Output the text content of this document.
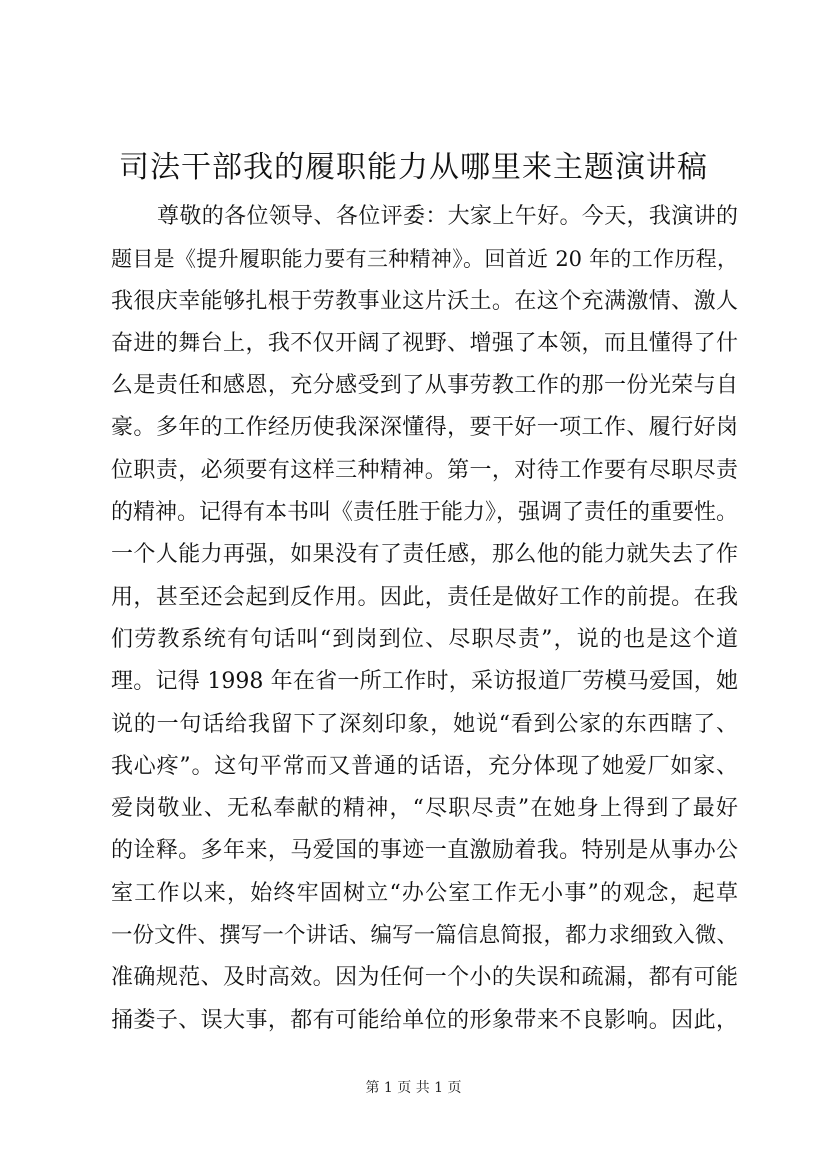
司法干部我的履职能力从哪里来主题演讲稿
尊敬的各位领导、各位评委：大家上午好。今天，我演讲的
题目是《提升履职能力要有三种精神》。回首近 20 年的工作历程，
我很庆幸能够扎根于劳教事业这片沃土。在这个充满激情、激人
奋进的舞台上，我不仅开阔了视野、增强了本领，而且懂得了什
么是责任和感恩，充分感受到了从事劳教工作的那一份光荣与自
豪。多年的工作经历使我深深懂得，要干好一项工作、履行好岗
位职责，必须要有这样三种精神。第一，对待工作要有尽职尽责
的精神。记得有本书叫《责任胜于能力》，强调了责任的重要性。
一个人能力再强，如果没有了责任感，那么他的能力就失去了作
用，甚至还会起到反作用。因此，责任是做好工作的前提。在我
们劳教系统有句话叫“到岗到位、尽职尽责”，说的也是这个道
理。记得 1998 年在省一所工作时，采访报道厂劳模马爱国，她
说的一句话给我留下了深刻印象，她说“看到公家的东西瞎了、
我心疼”。这句平常而又普通的话语，充分体现了她爱厂如家、
爱岗敬业、无私奉献的精神，“尽职尽责”在她身上得到了最好
的诠释。多年来，马爱国的事迹一直激励着我。特别是从事办公
室工作以来，始终牢固树立“办公室工作无小事”的观念，起草
一份文件、撰写一个讲话、编写一篇信息简报，都力求细致入微、
准确规范、及时高效。因为任何一个小的失误和疏漏，都有可能
捅娄子、误大事，都有可能给单位的形象带来不良影响。因此，
第 1 页 共 1 页
